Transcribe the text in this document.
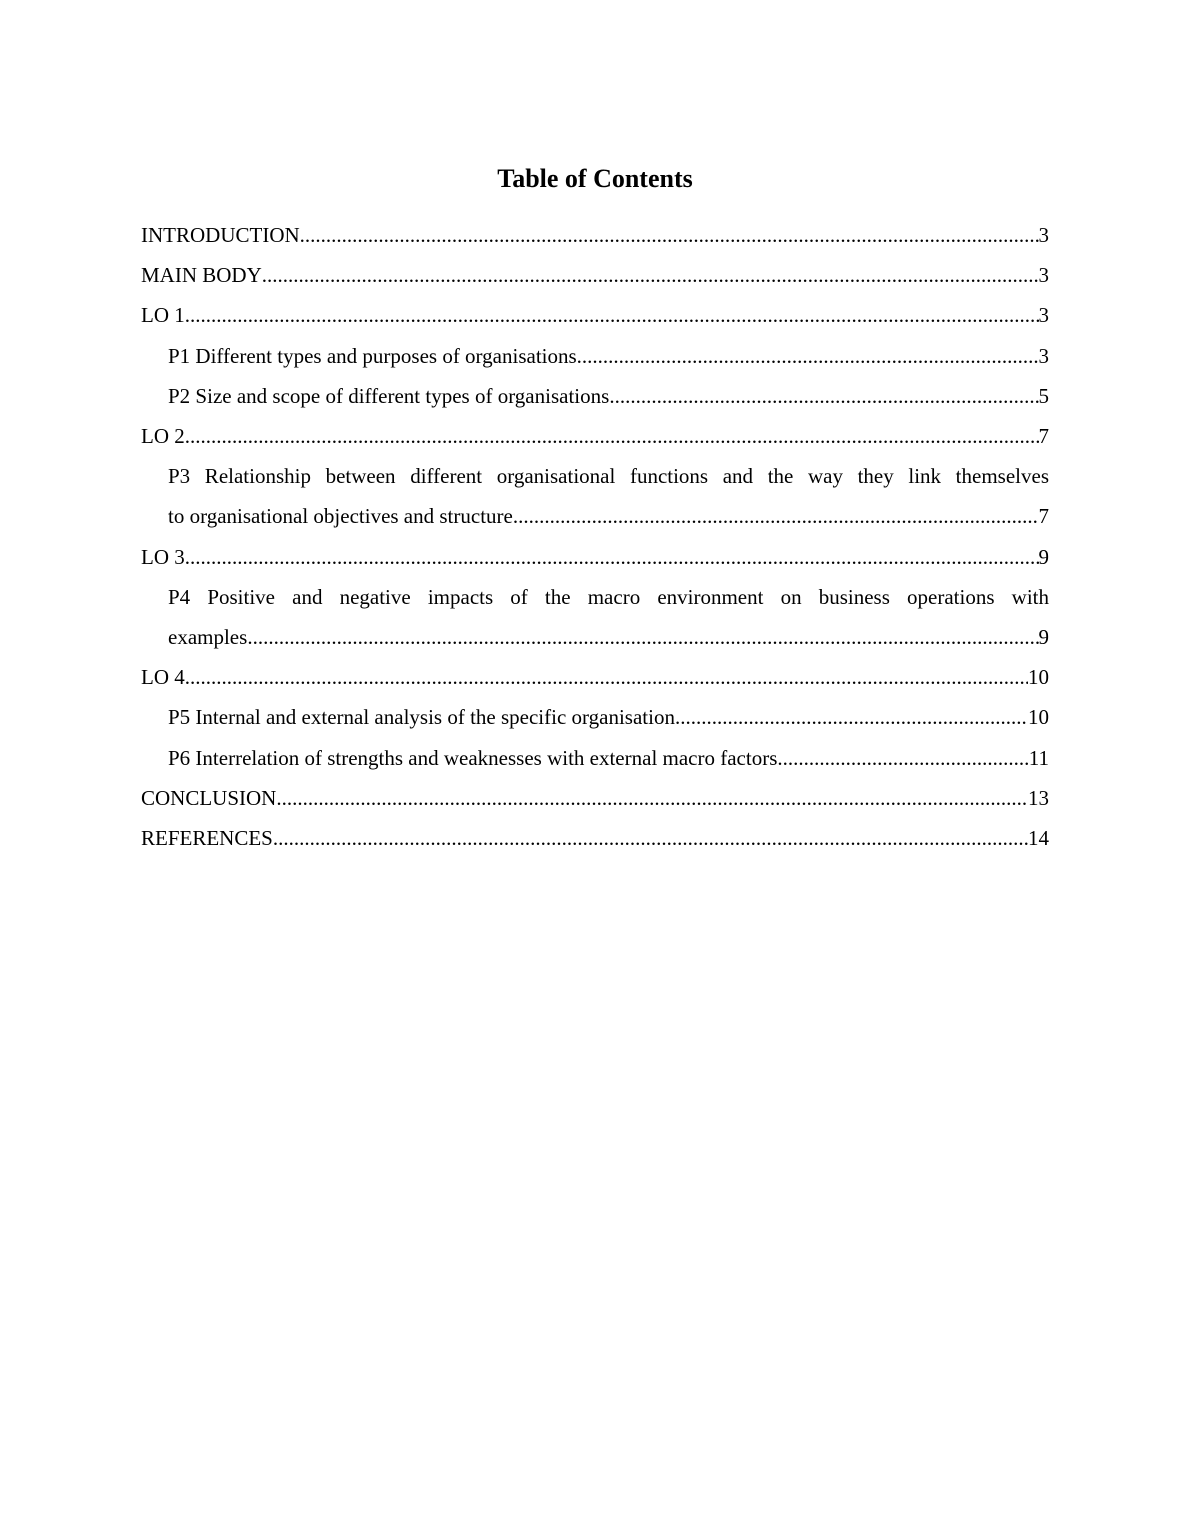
Table of Contents
INTRODUCTION .....	3
MAIN BODY .....	3
LO 1 .....	3
P1 Different types and purposes of organisations .....	3
P2 Size and scope of different types of organisations .....	5
LO 2 .....	7
P3 Relationship between different organisational functions and the way they link themselves
to organisational objectives and structure .....	7
LO 3 .....	9
P4 Positive and negative impacts of the macro environment on business operations with
examples .....	9
LO 4 .....	10
P5 Internal and external analysis of the specific organisation .....	10
P6 Interrelation of strengths and weaknesses with external macro factors .....	11
CONCLUSION .....	13
REFERENCES .....	14
